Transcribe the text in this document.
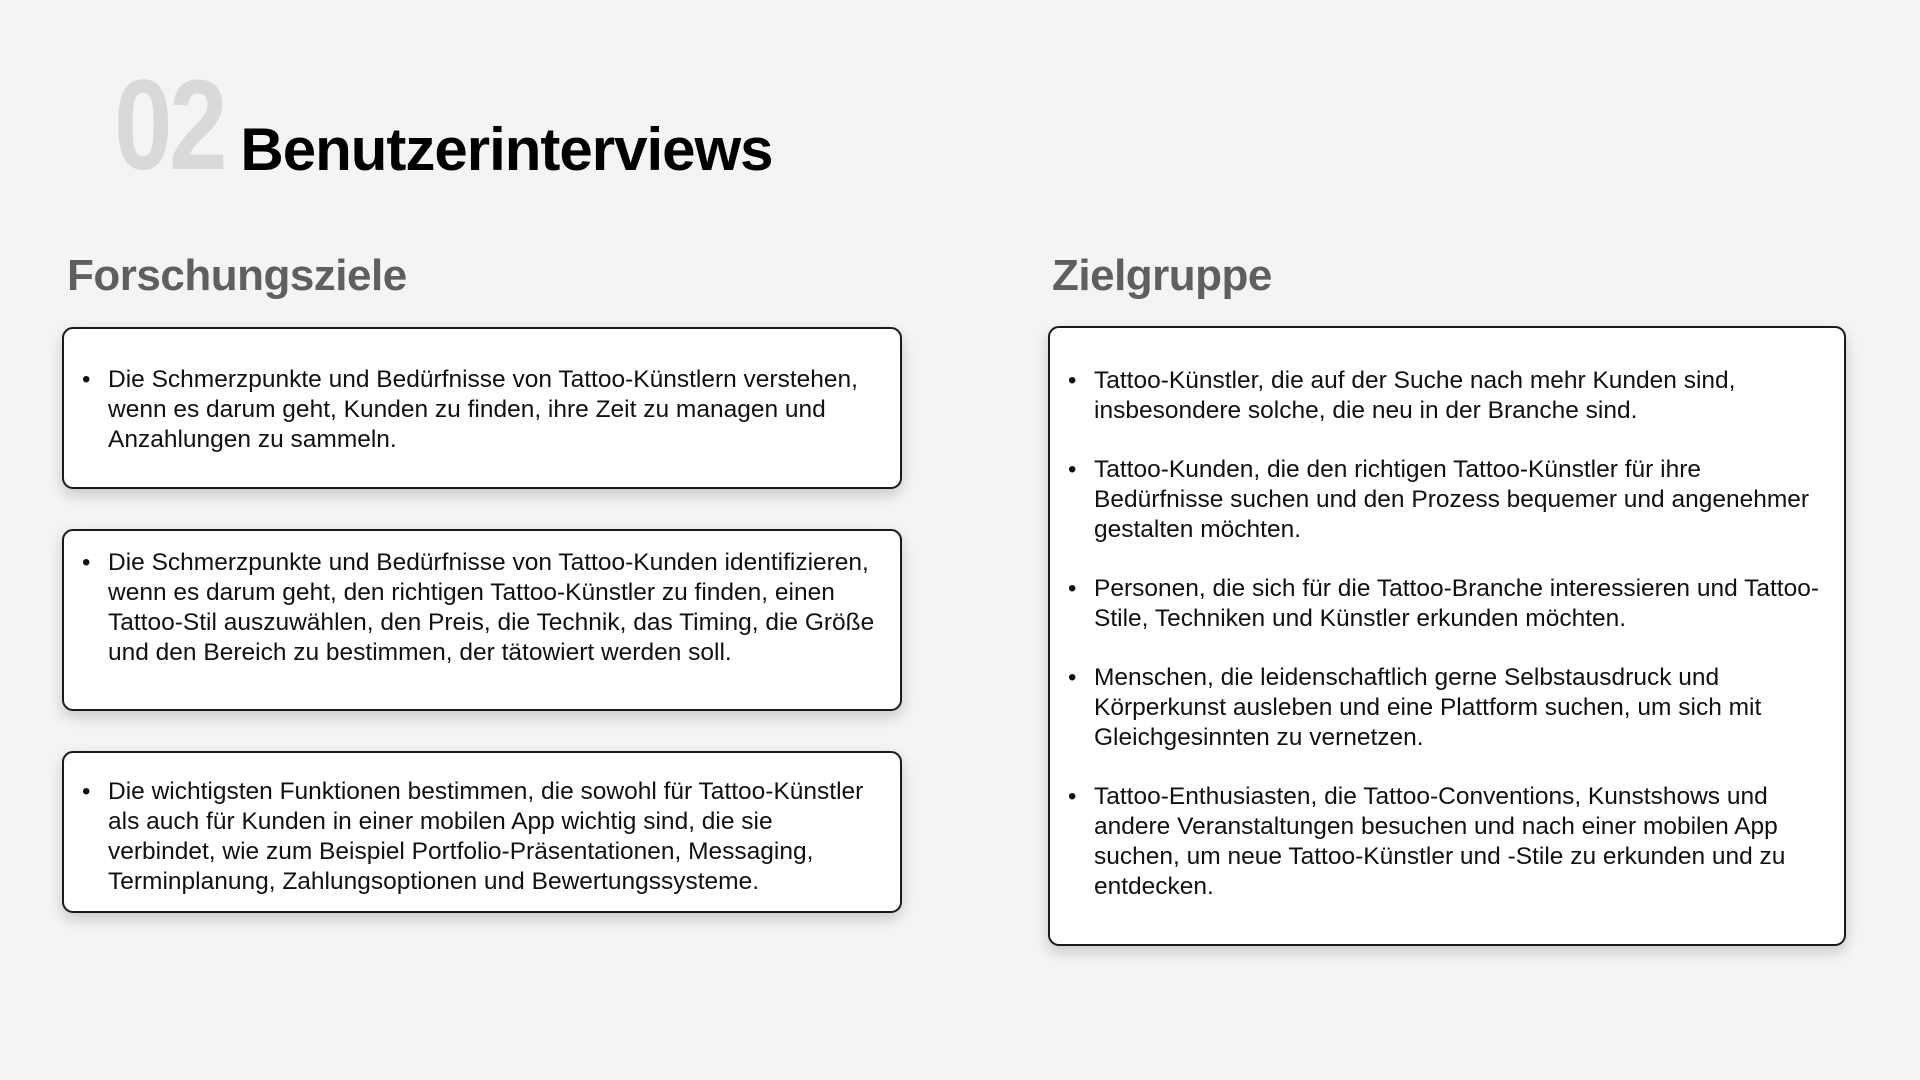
02 Benutzerinterviews
Forschungsziele	Zielgruppe
• Die Schmerzpunkte und Bedürfnisse von Tattoo-Künstlern verstehen, wenn es darum geht, Kunden zu finden, ihre Zeit zu managen und Anzahlungen zu sammeln.
• Die Schmerzpunkte und Bedürfnisse von Tattoo-Kunden identifizieren, wenn es darum geht, den richtigen Tattoo-Künstler zu finden, einen Tattoo-Stil auszuwählen, den Preis, die Technik, das Timing, die Größe und den Bereich zu bestimmen, der tätowiert werden soll.
• Die wichtigsten Funktionen bestimmen, die sowohl für Tattoo-Künstler als auch für Kunden in einer mobilen App wichtig sind, die sie verbindet, wie zum Beispiel Portfolio-Präsentationen, Messaging, Terminplanung, Zahlungsoptionen und Bewertungssysteme.
• Tattoo-Künstler, die auf der Suche nach mehr Kunden sind, insbesondere solche, die neu in der Branche sind.
• Tattoo-Kunden, die den richtigen Tattoo-Künstler für ihre Bedürfnisse suchen und den Prozess bequemer und angenehmer gestalten möchten.
• Personen, die sich für die Tattoo-Branche interessieren und Tattoo-Stile, Techniken und Künstler erkunden möchten.
• Menschen, die leidenschaftlich gerne Selbstausdruck und Körperkunst ausleben und eine Plattform suchen, um sich mit Gleichgesinnten zu vernetzen.
• Tattoo-Enthusiasten, die Tattoo-Conventions, Kunstshows und andere Veranstaltungen besuchen und nach einer mobilen App suchen, um neue Tattoo-Künstler und -Stile zu erkunden und zu entdecken.
